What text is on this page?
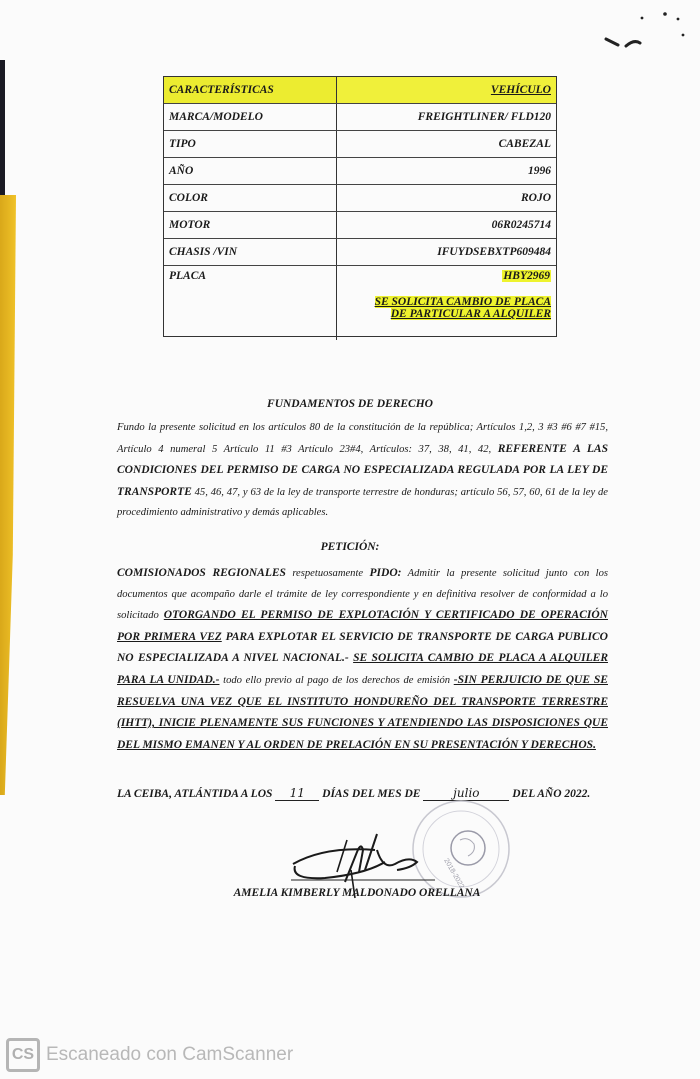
CARACTERÍSTICAS	VEHÍCULO
MARCA/MODELO	FREIGHTLINER/ FLD120
TIPO	CABEZAL
AÑO	1996
COLOR	ROJO
MOTOR	06R0245714
CHASIS /VIN	IFUYDSEBXTP609484
PLACA	HBY2969
SE SOLICITA CAMBIO DE PLACA
DE PARTICULAR A ALQUILER
FUNDAMENTOS DE DERECHO
Fundo la presente solicitud en los artículos 80 de la constitución de la república; Artículos 1,2, 3 #3 #6 #7 #15, Artículo 4 numeral 5 Artículo 11 #3 Artículo 23#4, Artículos: 37, 38, 41, 42, REFERENTE A LAS CONDICIONES DEL PERMISO DE CARGA NO ESPECIALIZADA REGULADA POR LA LEY DE TRANSPORTE 45, 46, 47, y 63 de la ley de transporte terrestre de honduras; artículo 56, 57, 60, 61 de la ley de procedimiento administrativo y demás aplicables.
PETICIÓN:
COMISIONADOS REGIONALES respetuosamente PIDO: Admitir la presente solicitud junto con los documentos que acompaño darle el trámite de ley correspondiente y en definitiva resolver de conformidad a lo solicitado OTORGANDO EL PERMISO DE EXPLOTACIÓN Y CERTIFICADO DE OPERACIÓN POR PRIMERA VEZ PARA EXPLOTAR EL SERVICIO DE TRANSPORTE DE CARGA PUBLICO NO ESPECIALIZADA A NIVEL NACIONAL.- SE SOLICITA CAMBIO DE PLACA A ALQUILER PARA LA UNIDAD.- todo ello previo al pago de los derechos de emisión -SIN PERJUICIO DE QUE SE RESUELVA UNA VEZ QUE EL INSTITUTO HONDUREÑO DEL TRANSPORTE TERRESTRE (IHTT), INICIE PLENAMENTE SUS FUNCIONES Y ATENDIENDO LAS DISPOSICIONES QUE DEL MISMO EMANEN Y AL ORDEN DE PRELACIÓN EN SU PRESENTACIÓN Y DERECHOS.
LA CEIBA, ATLÁNTIDA A LOS 11 DÍAS DEL MES DE	julio	DEL AÑO 2022.
2018-2022
AMELIA KIMBERLY MALDONADO ORELLANA
CS Escaneado con CamScanner
